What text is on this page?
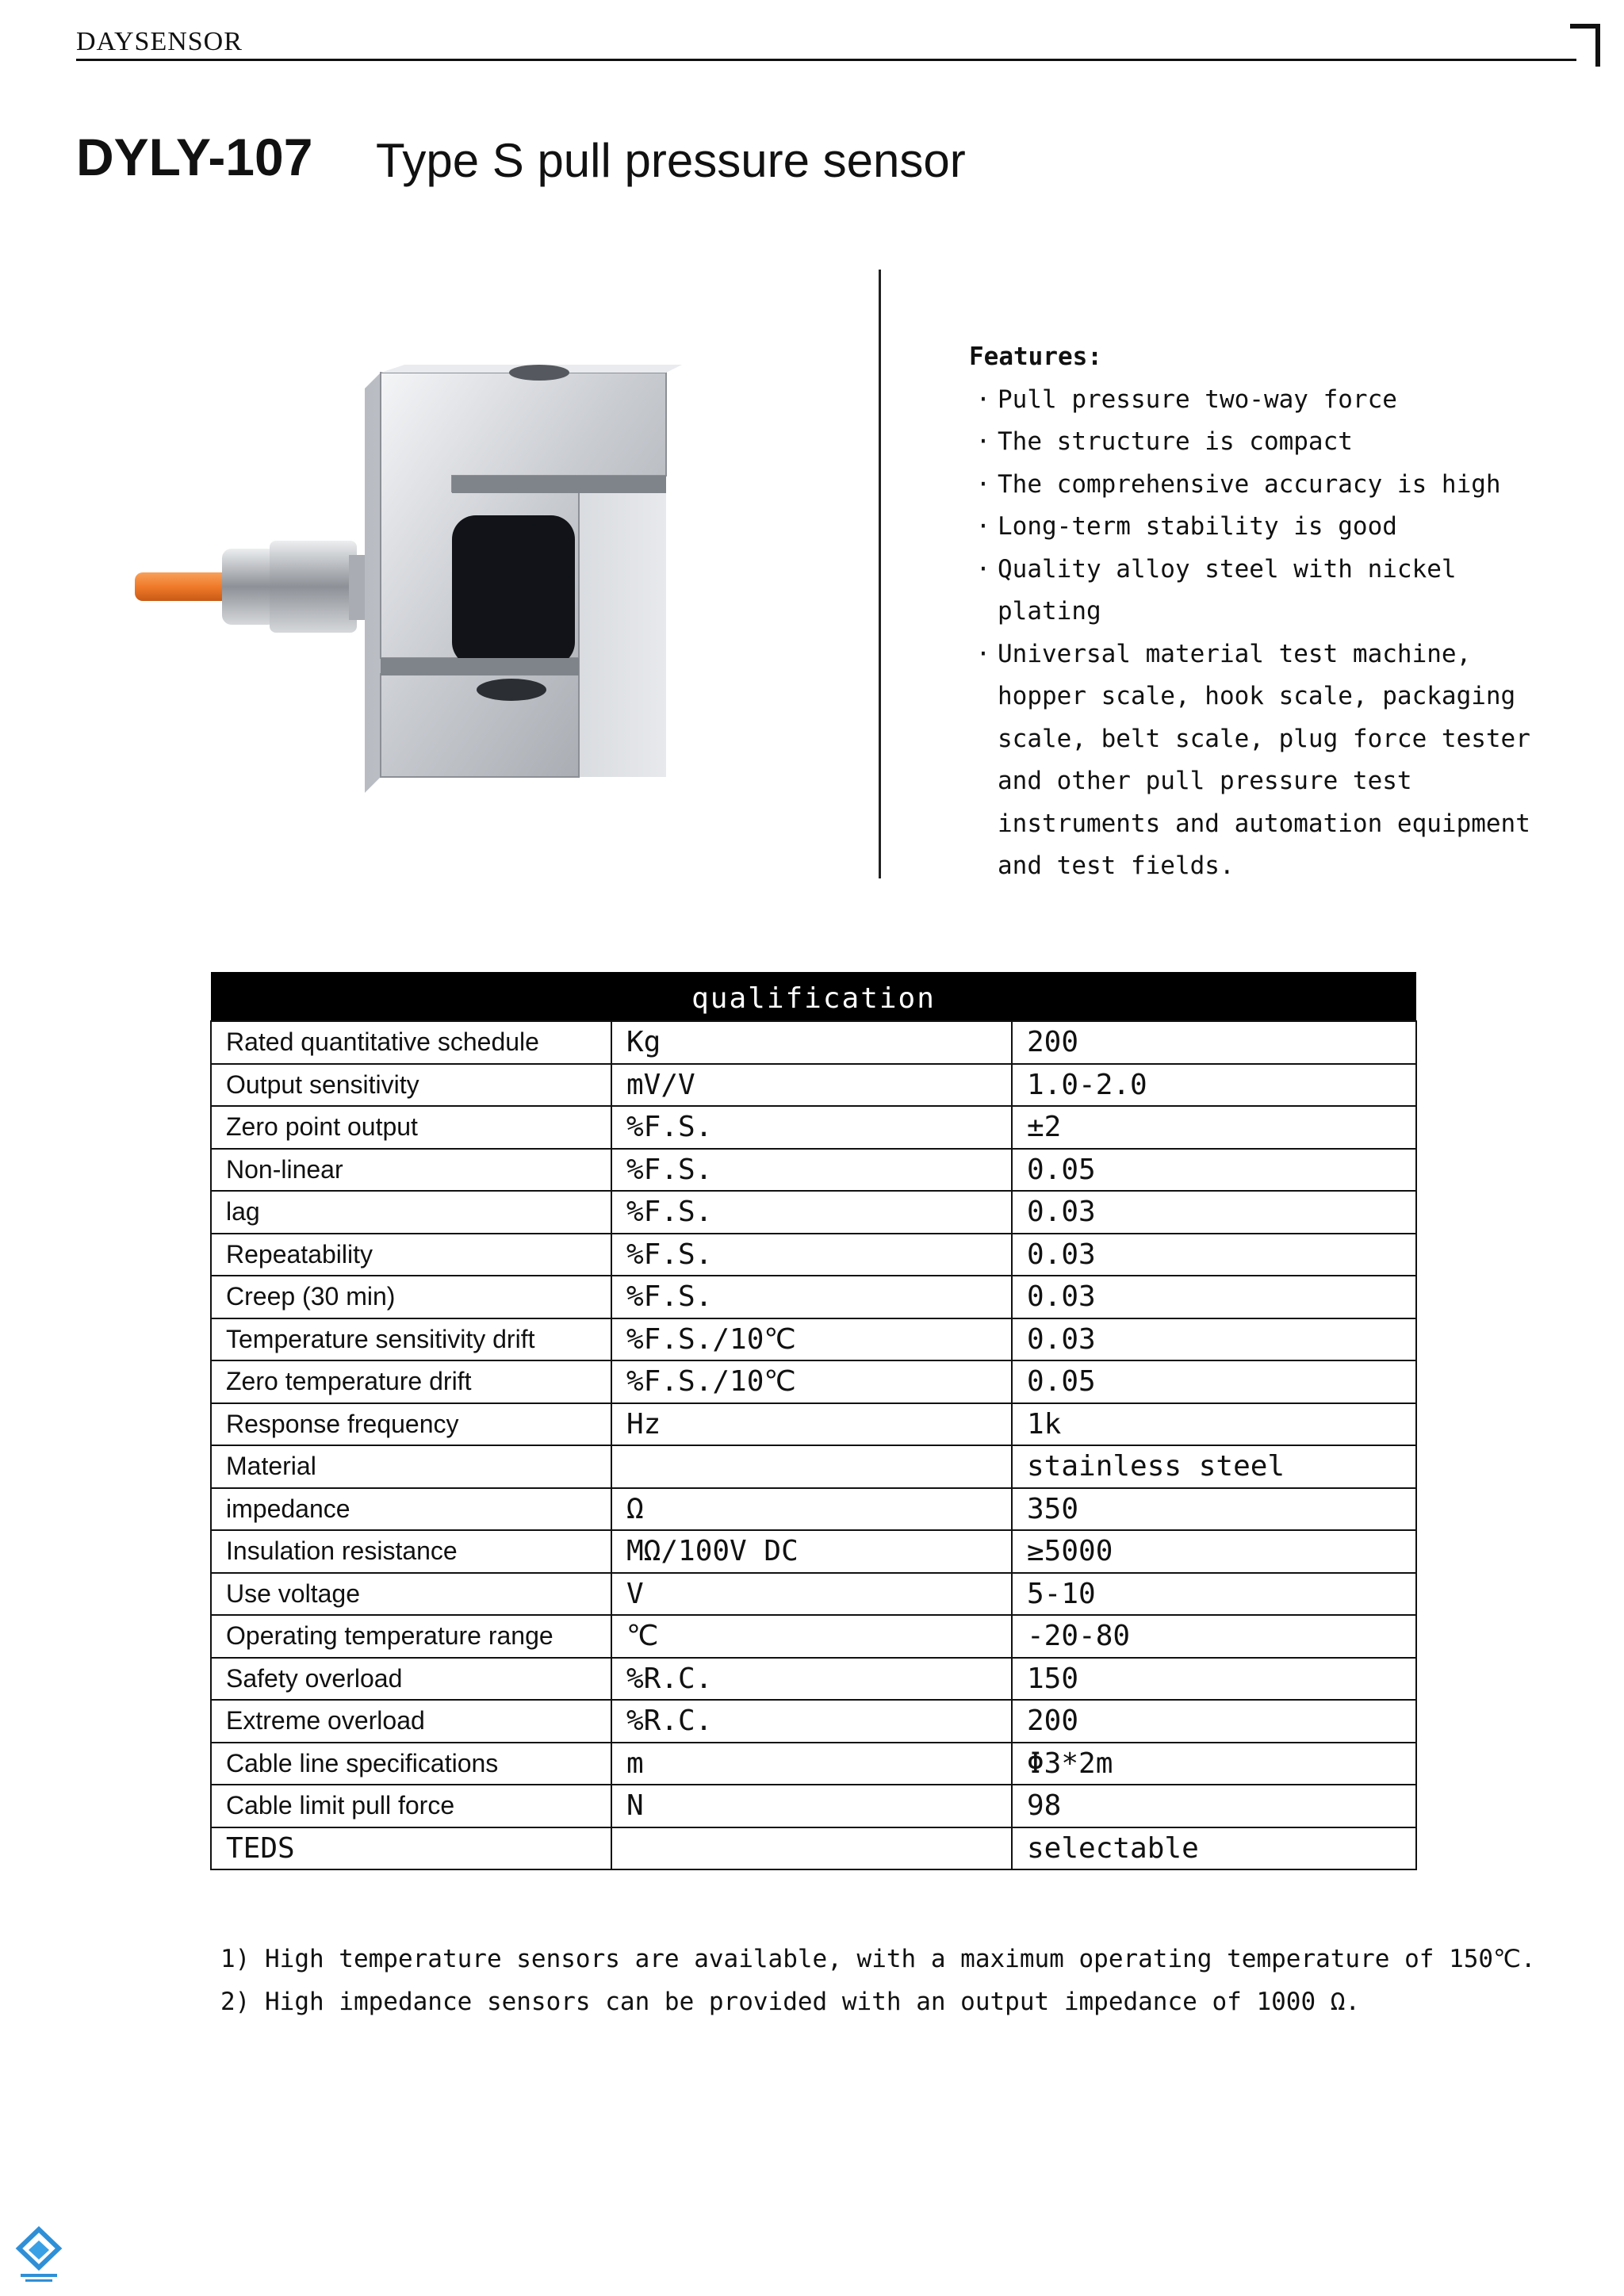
DAYSENSOR
DYLY-107 Type S pull pressure sensor
Features:
· Pull pressure two-way force
· The structure is compact
· The comprehensive accuracy is high
· Long-term stability is good
· Quality alloy steel with nickel plating
· Universal material test machine, hopper scale, hook scale, packaging scale, belt scale, plug force tester and other pull pressure test instruments and automation equipment and test fields.
qualification		
Rated quantitative schedule	Kg	200
Output sensitivity	mV/V	1.0-2.0
Zero point output	%F.S.	±2
Non-linear	%F.S.	0.05
lag	%F.S.	0.03
Repeatability	%F.S.	0.03
Creep (30 min)	%F.S.	0.03
Temperature sensitivity drift	%F.S./10℃	0.03
Zero temperature drift	%F.S./10℃	0.05
Response frequency	Hz	1k
Material		stainless steel
impedance	Ω	350
Insulation resistance	MΩ/100V DC	≥5000
Use voltage	V	5-10
Operating temperature range	℃	-20-80
Safety overload	%R.C.	150
Extreme overload	%R.C.	200
Cable line specifications	m	Φ3*2m
Cable limit pull force	N	98
TEDS		selectable
1) High temperature sensors are available, with a maximum operating temperature of 150℃.
2) High impedance sensors can be provided with an output impedance of 1000 Ω.
